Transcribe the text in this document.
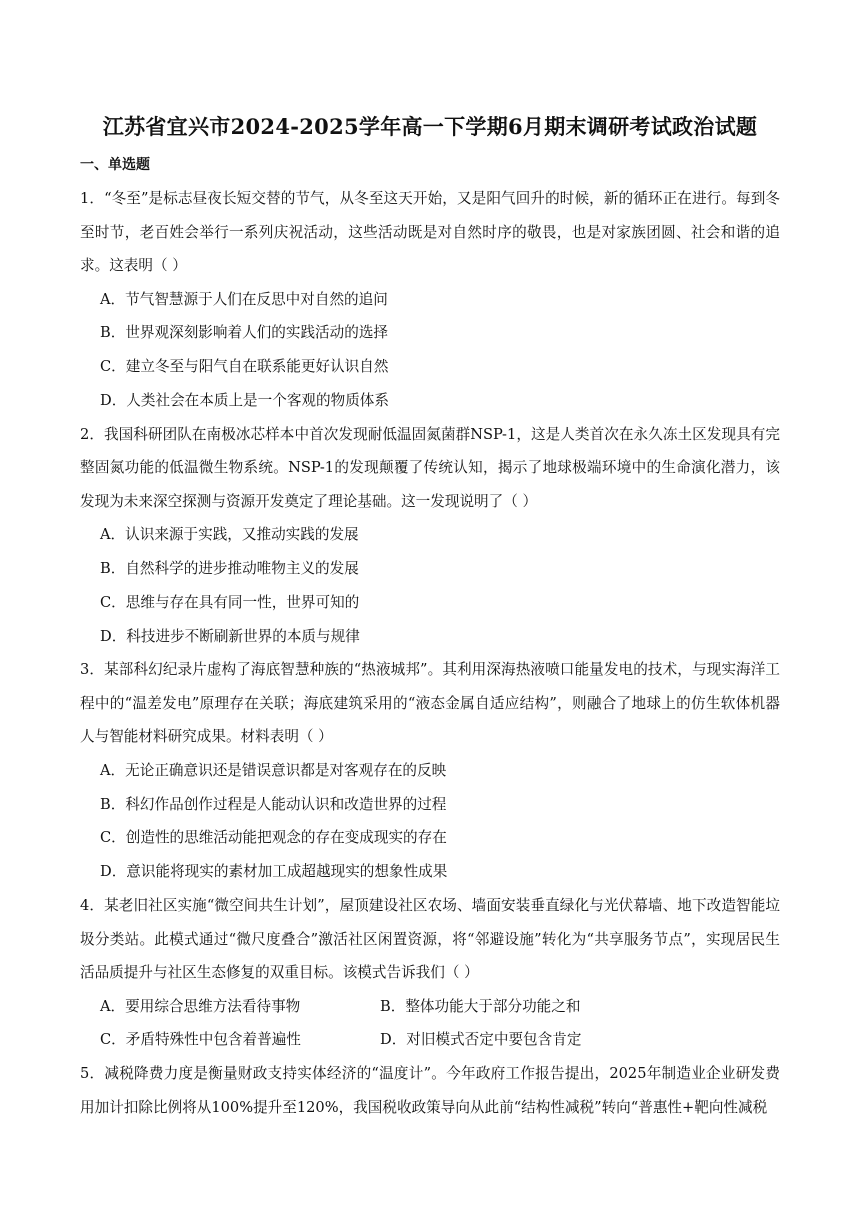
江苏省宜兴市2024-2025学年高一下学期6月期末调研考试政治试题
一、单选题

1．“冬至”是标志昼夜长短交替的节气，从冬至这天开始，又是阳气回升的时候，新的循环正在进行。每到冬至时节，老百姓会举行一系列庆祝活动，这些活动既是对自然时序的敬畏，也是对家族团圆、社会和谐的追求。这表明（ ）

A．节气智慧源于人们在反思中对自然的追问

B．世界观深刻影响着人们的实践活动的选择

C．建立冬至与阳气自在联系能更好认识自然

D．人类社会在本质上是一个客观的物质体系

2．我国科研团队在南极冰芯样本中首次发现耐低温固氮菌群NSP-1，这是人类首次在永久冻土区发现具有完整固氮功能的低温微生物系统。NSP-1的发现颠覆了传统认知，揭示了地球极端环境中的生命演化潜力，该发现为未来深空探测与资源开发奠定了理论基础。这一发现说明了（ ）

A．认识来源于实践，又推动实践的发展

B．自然科学的进步推动唯物主义的发展

C．思维与存在具有同一性，世界可知的

D．科技进步不断刷新世界的本质与规律

3．某部科幻纪录片虚构了海底智慧种族的“热液城邦”。其利用深海热液喷口能量发电的技术，与现实海洋工程中的“温差发电”原理存在关联；海底建筑采用的“液态金属自适应结构”，则融合了地球上的仿生软体机器人与智能材料研究成果。材料表明（ ）

A．无论正确意识还是错误意识都是对客观存在的反映

B．科幻作品创作过程是人能动认识和改造世界的过程

C．创造性的思维活动能把观念的存在变成现实的存在

D．意识能将现实的素材加工成超越现实的想象性成果

4．某老旧社区实施“微空间共生计划”，屋顶建设社区农场、墙面安装垂直绿化与光伏幕墙、地下改造智能垃圾分类站。此模式通过“微尺度叠合”激活社区闲置资源，将“邻避设施”转化为“共享服务节点”，实现居民生活品质提升与社区生态修复的双重目标。该模式告诉我们（ ）

A．要用综合思维方法看待事物	B．整体功能大于部分功能之和
C．矛盾特殊性中包含着普遍性	D．对旧模式否定中要包含肯定

5．减税降费力度是衡量财政支持实体经济的“温度计”。今年政府工作报告提出，2025年制造业企业研发费用加计扣除比例将从100%提升至120%，我国税收政策导向从此前“结构性减税”转向“普惠性+靶向性减税
